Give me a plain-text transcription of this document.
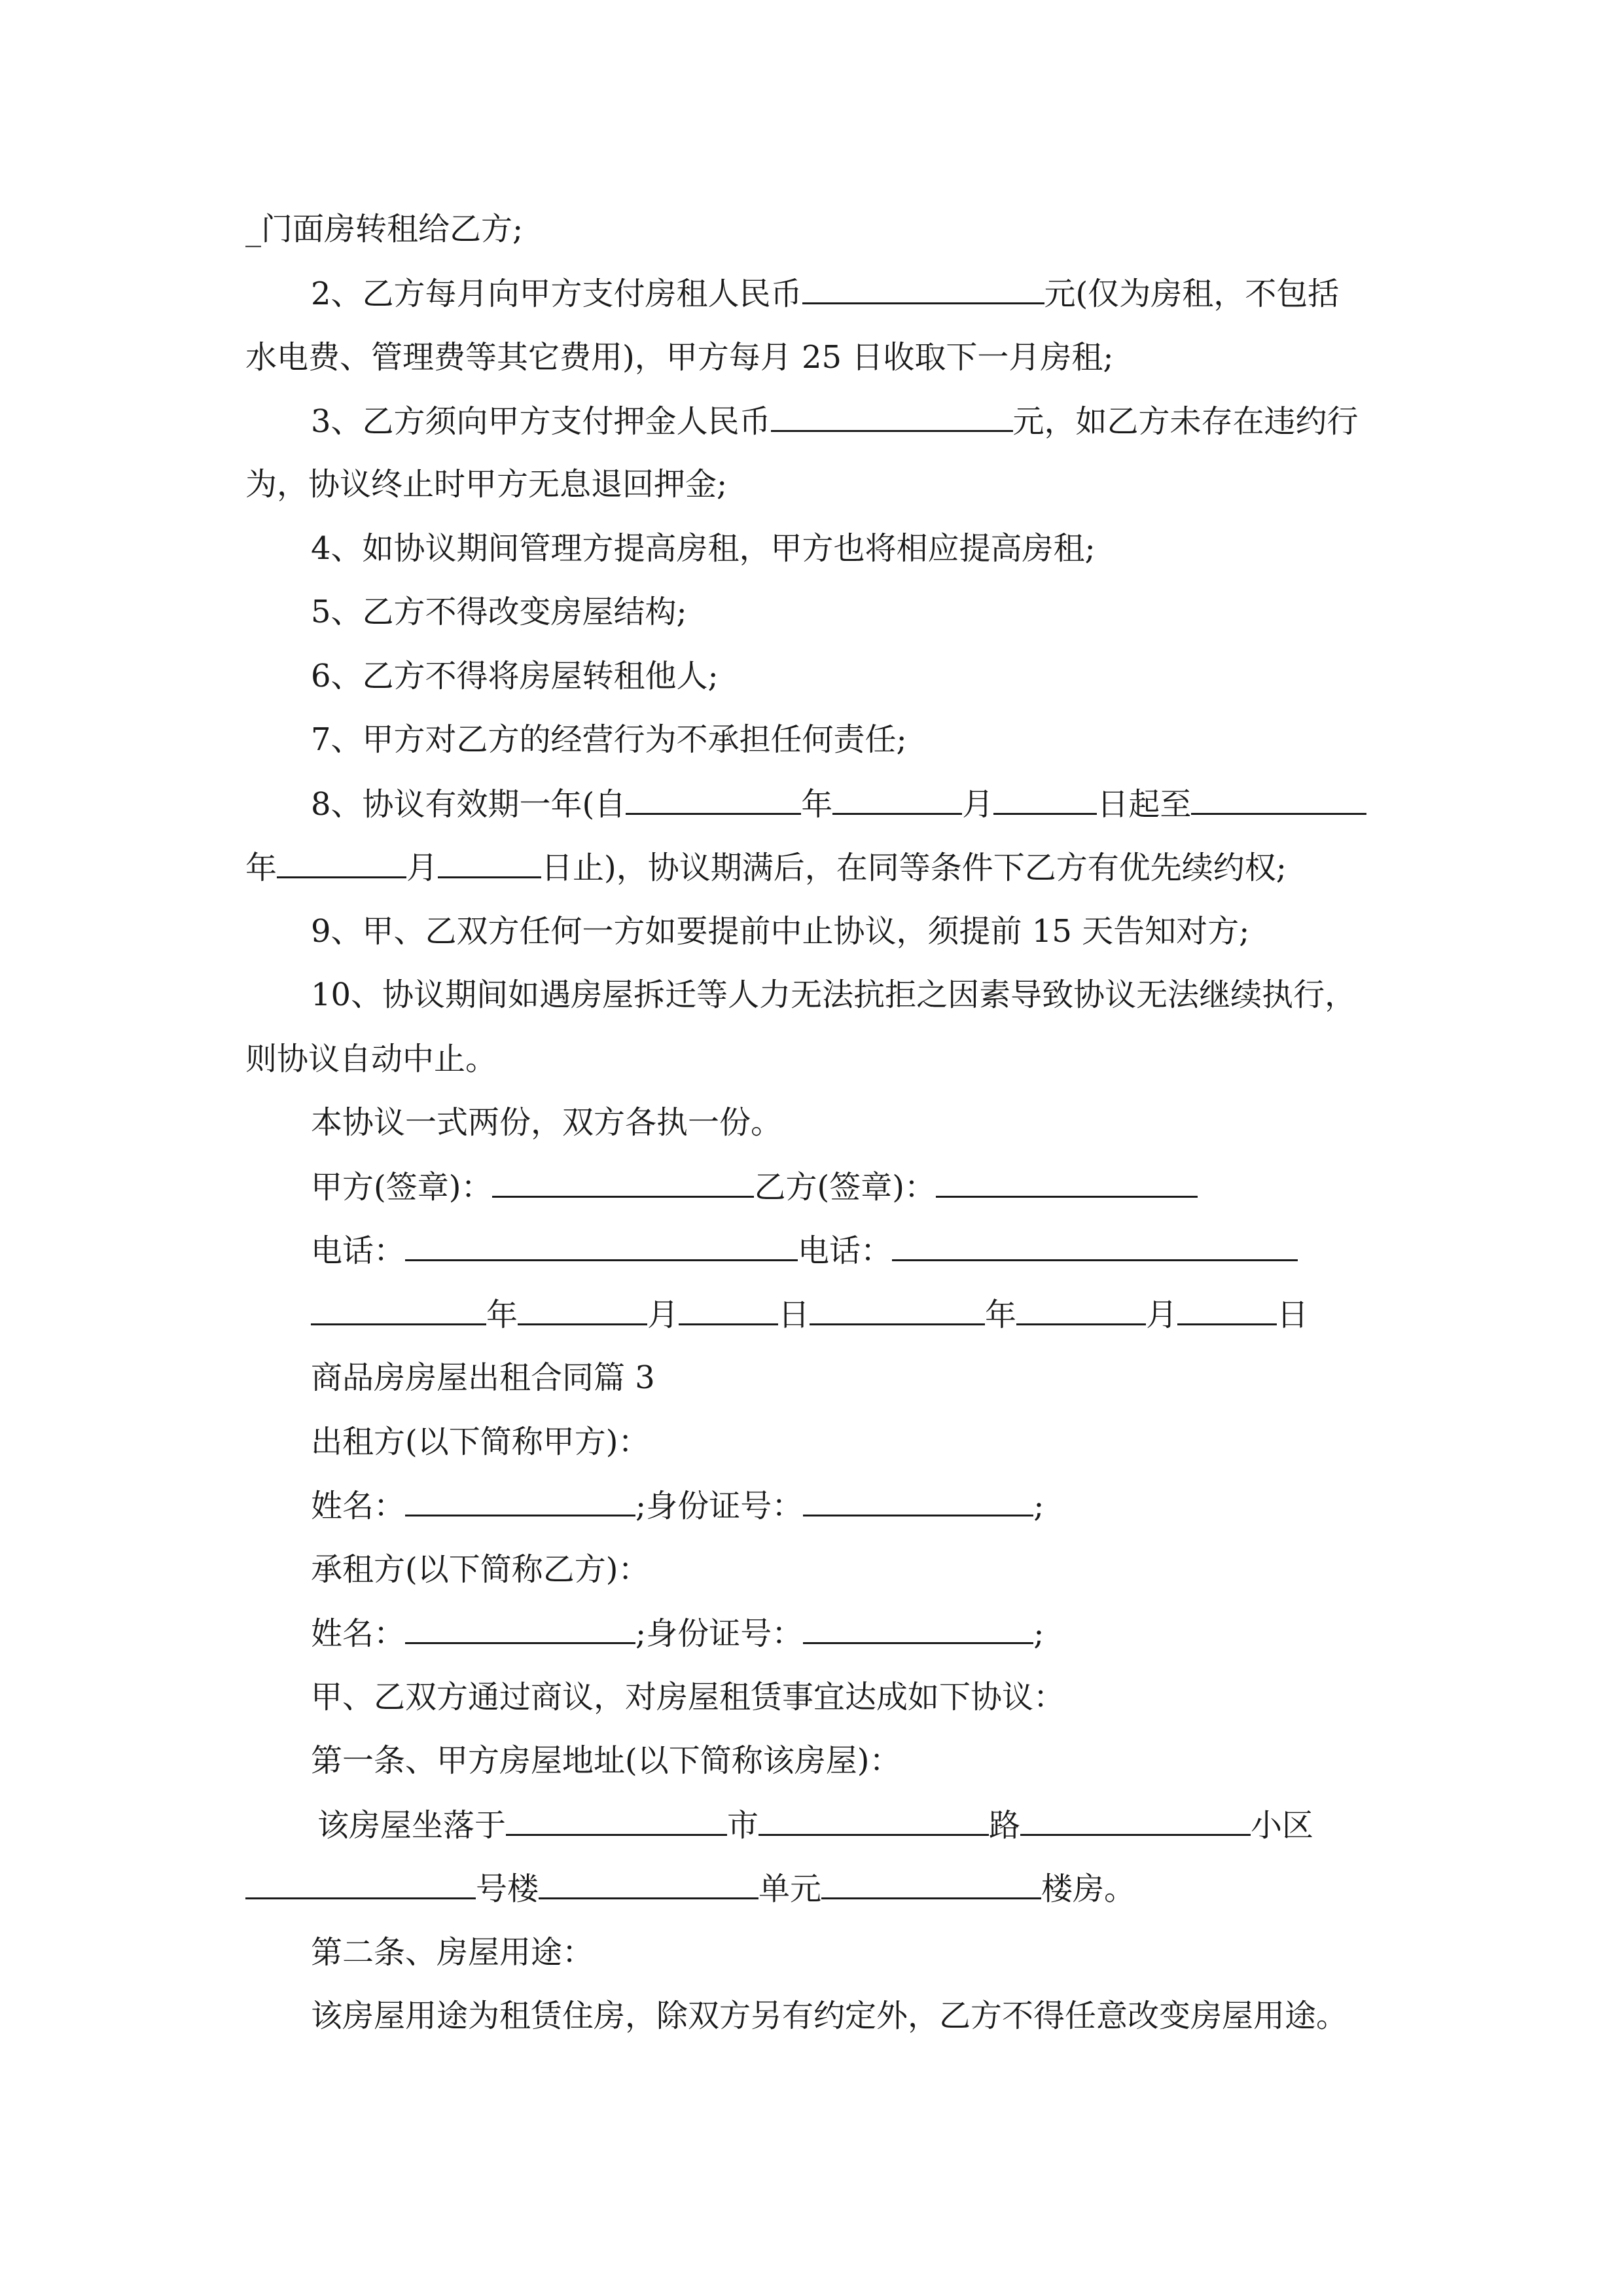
_门面房转租给乙方;
2、乙方每月向甲方支付房租人民币	元(仅为房租，不包括
水电费、管理费等其它费用)，甲方每月 25 日收取下一月房租;
3、乙方须向甲方支付押金人民币	元，如乙方未存在违约行
为，协议终止时甲方无息退回押金;
4、如协议期间管理方提高房租，甲方也将相应提高房租;
5、乙方不得改变房屋结构;
6、乙方不得将房屋转租他人;
7、甲方对乙方的经营行为不承担任何责任;
8、协议有效期一年(自	年	月	日起至
年	月	日止)，协议期满后，在同等条件下乙方有优先续约权;
9、甲、乙双方任何一方如要提前中止协议，须提前 15 天告知对方;
10、协议期间如遇房屋拆迁等人力无法抗拒之因素导致协议无法继续执行，
则协议自动中止。
本协议一式两份，双方各执一份。
甲方(签章)：	乙方(签章)：
电话：	电话：
年	月	日	年	月	日
商品房房屋出租合同篇 3
出租方(以下简称甲方)：
姓名：	;身份证号：	;
承租方(以下简称乙方)：
姓名：	;身份证号：	;
甲、乙双方通过商议，对房屋租赁事宜达成如下协议：
第一条、甲方房屋地址(以下简称该房屋)：
该房屋坐落于	市	路	小区
号楼	单元	楼房。
第二条、房屋用途：
该房屋用途为租赁住房，除双方另有约定外，乙方不得任意改变房屋用途。
